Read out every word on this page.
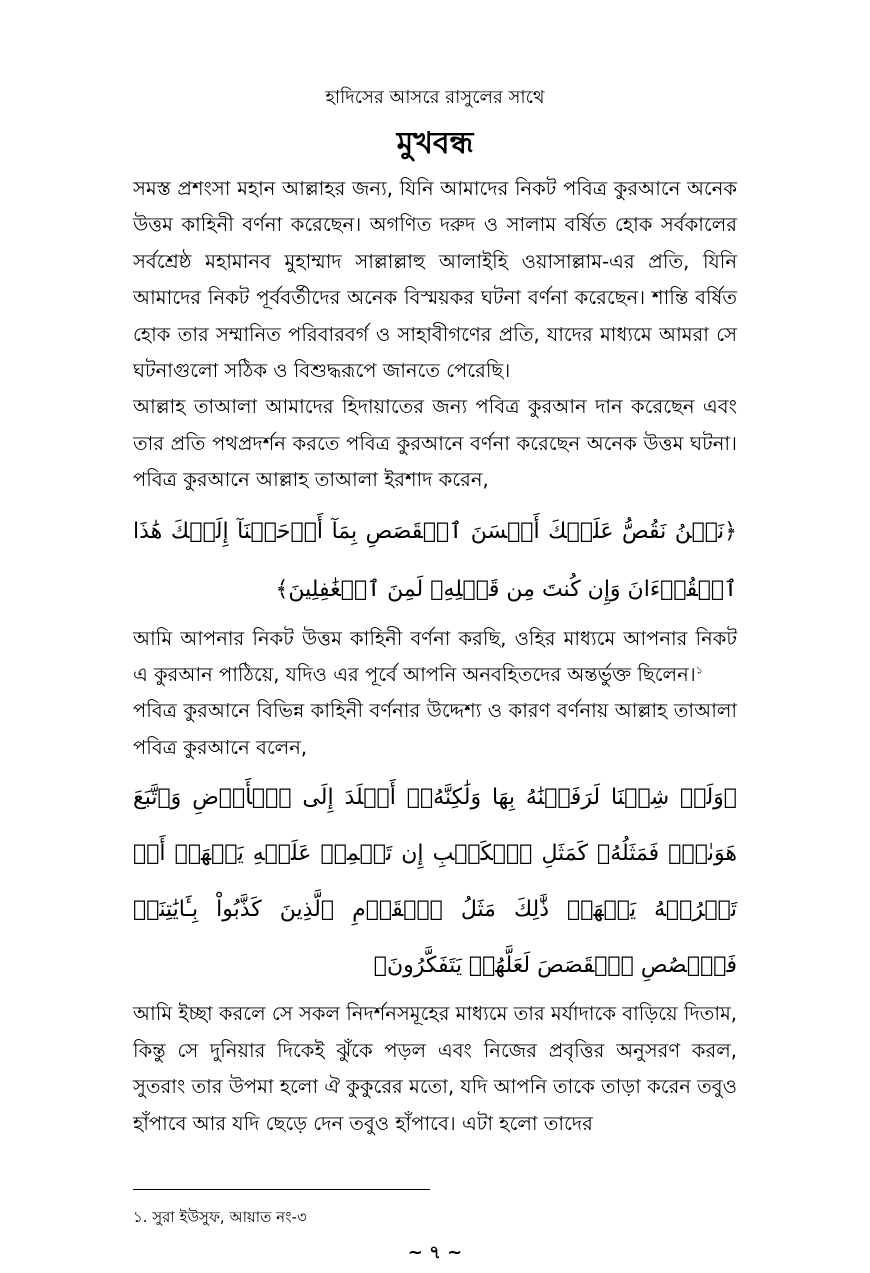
হাদিসের আসরে রাসুলের সাথে
মুখবন্ধ

সমস্ত প্রশংসা মহান আল্লাহর জন্য, যিনি আমাদের নিকট পবিত্র কুরআনে অনেক উত্তম কাহিনী বর্ণনা করেছেন। অগণিত দরুদ ও সালাম বর্ষিত হোক সর্বকালের সর্বশ্রেষ্ঠ মহামানব মুহাম্মাদ সাল্লাল্লাহু আলাইহি ওয়াসাল্লাম-এর প্রতি, যিনি আমাদের নিকট পূর্ববর্তীদের অনেক বিস্ময়কর ঘটনা বর্ণনা করেছেন। শান্তি বর্ষিত হোক তার সম্মানিত পরিবারবর্গ ও সাহাবীগণের প্রতি, যাদের মাধ্যমে আমরা সে ঘটনাগুলো সঠিক ও বিশুদ্ধরূপে জানতে পেরেছি।

আল্লাহ তাআলা আমাদের হিদায়াতের জন্য পবিত্র কুরআন দান করেছেন এবং তার প্রতি পথপ্রদর্শন করতে পবিত্র কুরআনে বর্ণনা করেছেন অনেক উত্তম ঘটনা। পবিত্র কুরআনে আল্লাহ তাআলা ইরশাদ করেন,

﴿نَحۡنُ نَقُصُّ عَلَيۡكَ أَحۡسَنَ ٱلۡقَصَصِ بِمَآ أَوۡحَيۡنَآ إِلَيۡكَ هَٰذَا ٱلۡقُرۡءَانَ وَإِن كُنتَ مِن قَبۡلِهِۦ لَمِنَ ٱلۡغَٰفِلِينَ﴾

আমি আপনার নিকট উত্তম কাহিনী বর্ণনা করছি, ওহির মাধ্যমে আপনার নিকট এ কুরআন পাঠিয়ে, যদিও এর পূর্বে আপনি অনবহিতদের অন্তর্ভুক্ত ছিলেন।$^১$

পবিত্র কুরআনে বিভিন্ন কাহিনী বর্ণনার উদ্দেশ্য ও কারণ বর্ণনায় আল্লাহ তাআলা পবিত্র কুরআনে বলেন,

﴿وَلَوۡ شِئۡنَا لَرَفَعۡنَٰهُ بِهَا وَلَٰكِنَّهُۥٓ أَخۡلَدَ إِلَى ٱلۡأَرۡضِ وَٱتَّبَعَ هَوَىٰهُۚ فَمَثَلُهُۥ كَمَثَلِ ٱلۡكَلۡبِ إِن تَحۡمِلۡ عَلَيۡهِ يَلۡهَثۡ أَوۡ تَتۡرُكۡهُ يَلۡهَثۚ ذَّٰلِكَ مَثَلُ ٱلۡقَوۡمِ ٱلَّذِينَ كَذَّبُواْ بِـَٔايَٰتِنَاۚ فَٱقۡصُصِ ٱلۡقَصَصَ لَعَلَّهُمۡ يَتَفَكَّرُونَ﴾

আমি ইচ্ছা করলে সে সকল নিদর্শনসমূহের মাধ্যমে তার মর্যাদাকে বাড়িয়ে দিতাম, কিন্তু সে দুনিয়ার দিকেই ঝুঁকে পড়ল এবং নিজের প্রবৃত্তির অনুসরণ করল, সুতরাং তার উপমা হলো ঐ কুকুরের মতো, যদি আপনি তাকে তাড়া করেন তবুও হাঁপাবে আর যদি ছেড়ে দেন তবুও হাঁপাবে। এটা হলো তাদের

১. সুরা ইউসুফ, আয়াত নং-৩
~ ৭ ~
